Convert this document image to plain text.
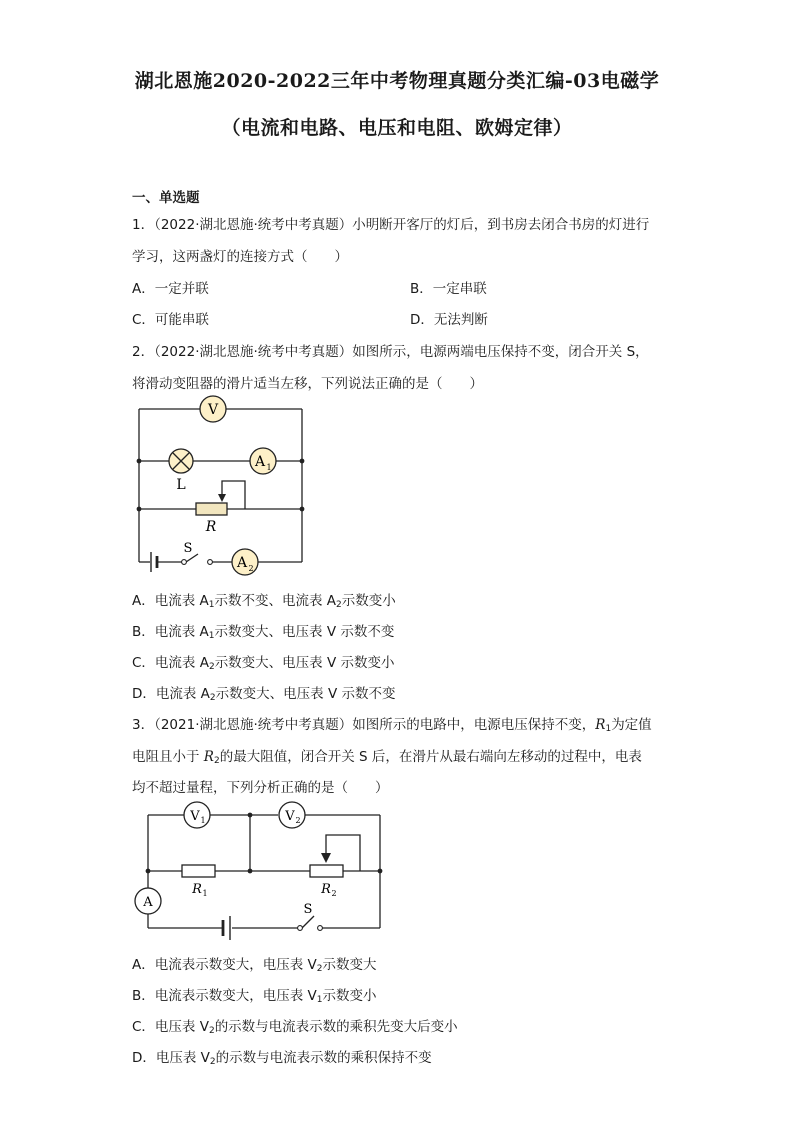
湖北恩施2020-2022三年中考物理真题分类汇编-03电磁学
（电流和电路、电压和电阻、欧姆定律）
一、单选题
1．（2022·湖北恩施·统考中考真题）小明断开客厅的灯后，到书房去闭合书房的灯进行
学习，这两盏灯的连接方式（　　）
A．一定并联	B．一定串联
C．可能串联	D．无法判断
2．（2022·湖北恩施·统考中考真题）如图所示，电源两端电压保持不变，闭合开关 S，
将滑动变阻器的滑片适当左移，下列说法正确的是（　　）
V
L
A 1
R
S
A 2
A．电流表 $A_1$示数不变、电流表 $A_2$示数变小
B．电流表 $A_1$示数变大、电压表 V 示数不变
C．电流表 $A_2$示数变大、电压表 V 示数变小
D．电流表 $A_2$示数变大、电压表 V 示数不变
3．（2021·湖北恩施·统考中考真题）如图所示的电路中，电源电压保持不变，$R_1$为定值
电阻且小于 $R_2$的最大阻值，闭合开关 S 后，在滑片从最右端向左移动的过程中，电表
均不超过量程，下列分析正确的是（　　）
V 1	V 2
A
R 1	R 2
S
A．电流表示数变大，电压表 $V_2$示数变大
B．电流表示数变大，电压表 $V_1$示数变小
C．电压表 $V_2$的示数与电流表示数的乘积先变大后变小
D．电压表 $V_2$的示数与电流表示数的乘积保持不变
